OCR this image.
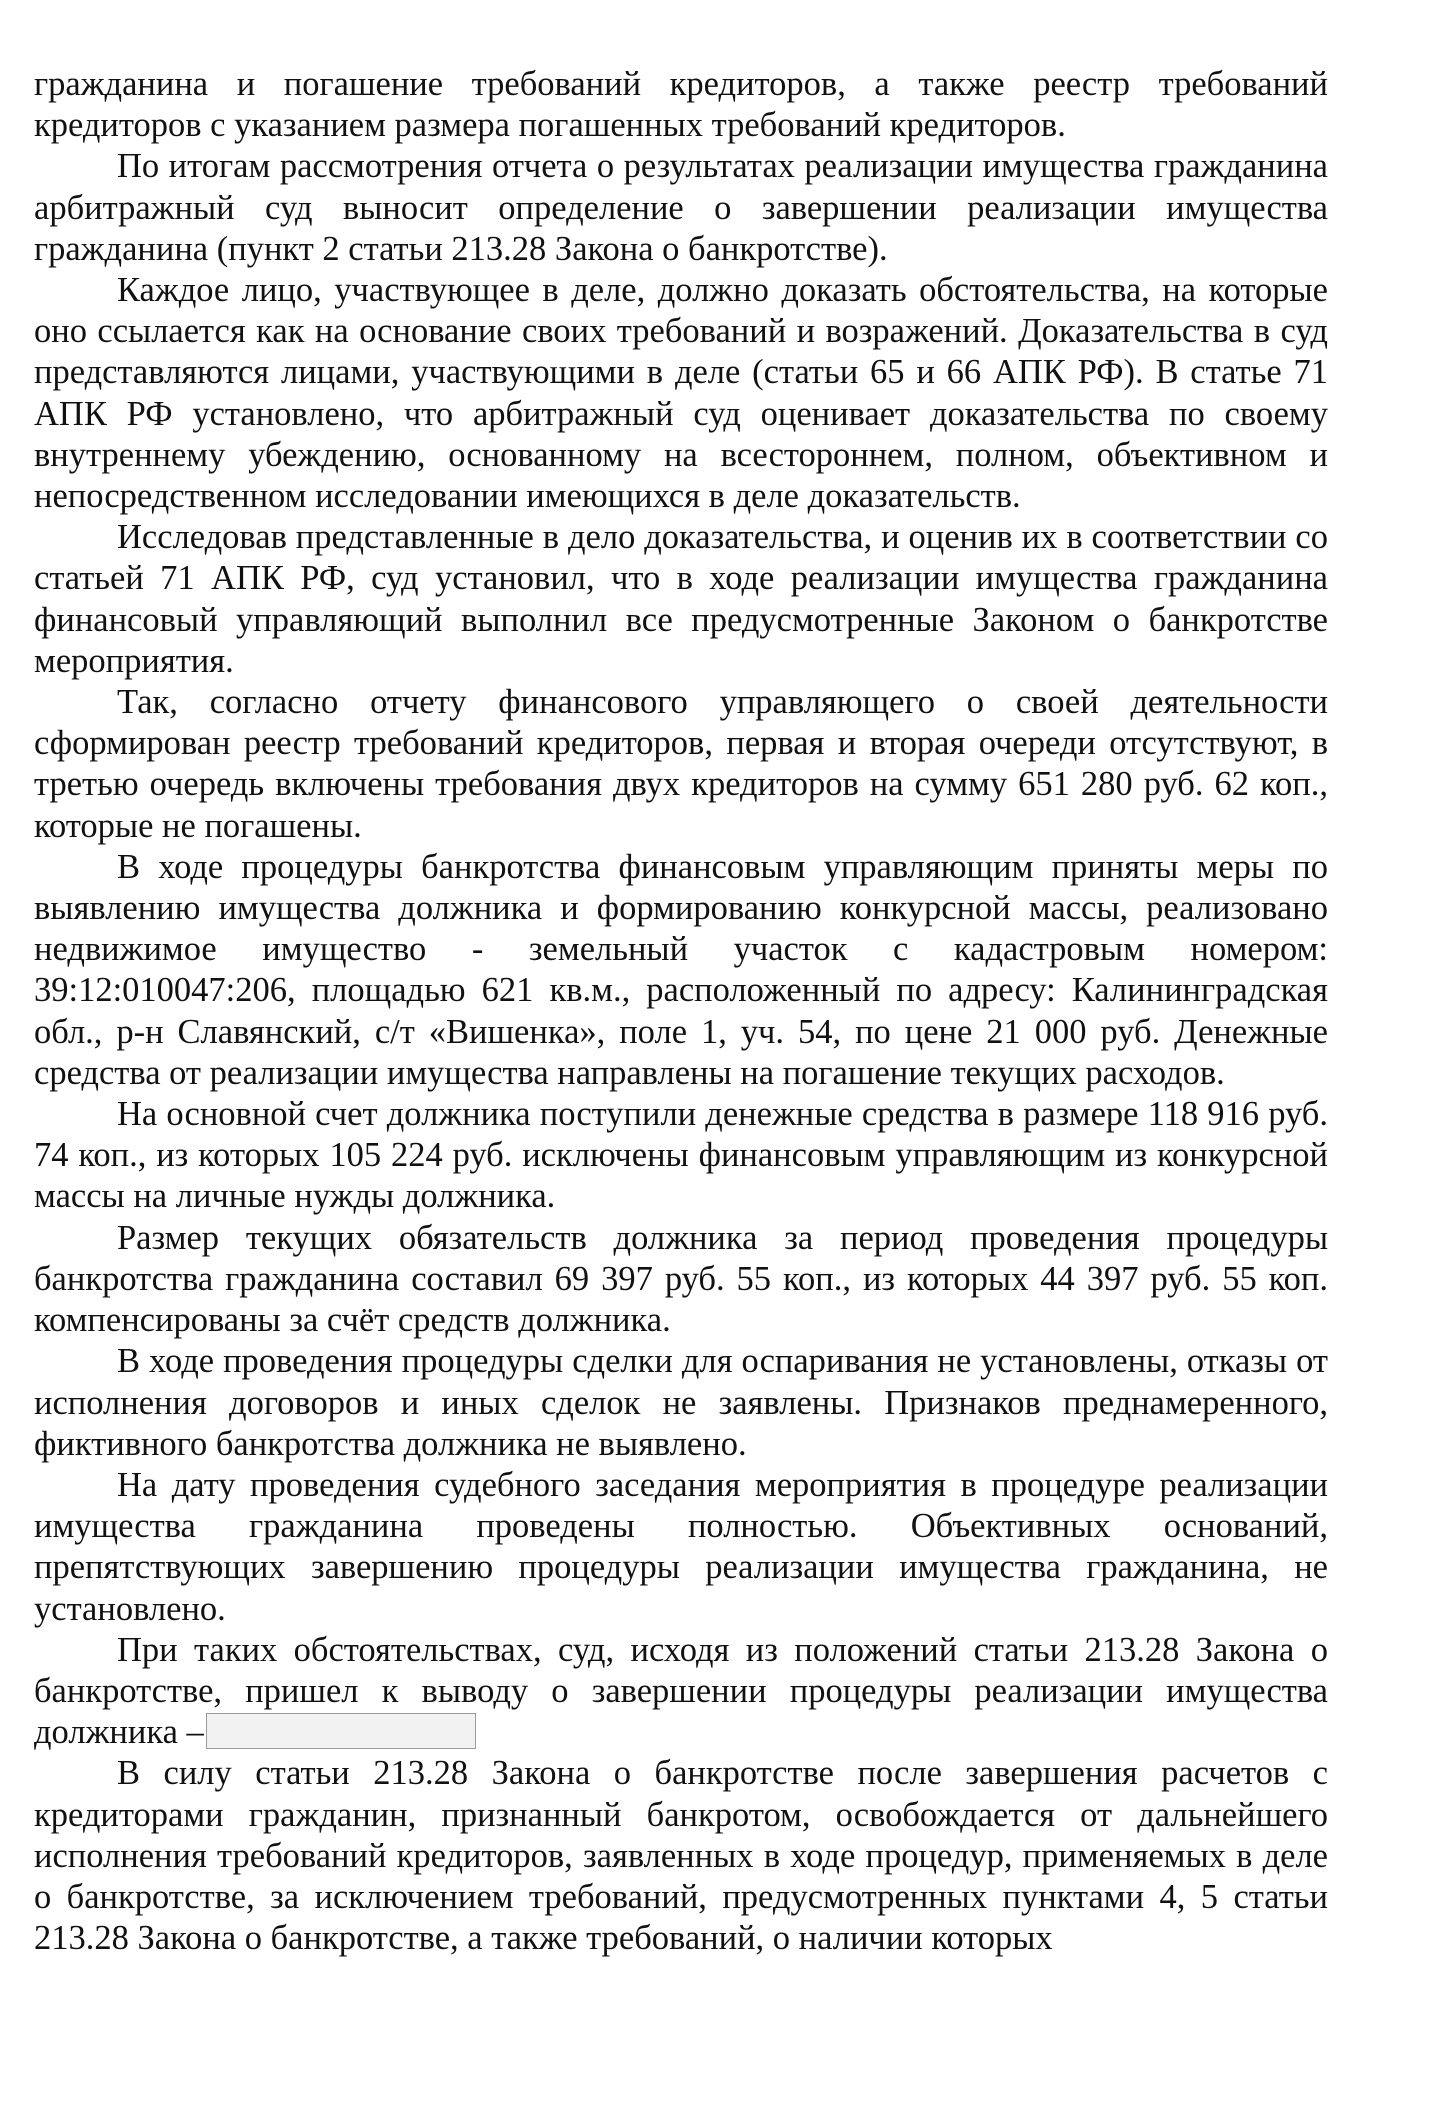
гражданина и погашение требований кредиторов, а также реестр требований кредиторов с указанием размера погашенных требований кредиторов.

По итогам рассмотрения отчета о результатах реализации имущества гражданина арбитражный суд выносит определение о завершении реализации имущества гражданина (пункт 2 статьи 213.28 Закона о банкротстве).

Каждое лицо, участвующее в деле, должно доказать обстоятельства, на которые оно ссылается как на основание своих требований и возражений. Доказательства в суд представляются лицами, участвующими в деле (статьи 65 и 66 АПК РФ). В статье 71 АПК РФ установлено, что арбитражный суд оценивает доказательства по своему внутреннему убеждению, основанному на всестороннем, полном, объективном и непосредственном исследовании имеющихся в деле доказательств.

Исследовав представленные в дело доказательства, и оценив их в соответствии со статьей 71 АПК РФ, суд установил, что в ходе реализации имущества гражданина финансовый управляющий выполнил все предусмотренные Законом о банкротстве мероприятия.

Так, согласно отчету финансового управляющего о своей деятельности сформирован реестр требований кредиторов, первая и вторая очереди отсутствуют, в третью очередь включены требования двух кредиторов на сумму 651 280 руб. 62 коп., которые не погашены.

В ходе процедуры банкротства финансовым управляющим приняты меры по выявлению имущества должника и формированию конкурсной массы, реализовано недвижимое имущество - земельный участок с кадастровым номером: 39:12:010047:206, площадью 621 кв.м., расположенный по адресу: Калининградская обл., р-н Славянский, с/т «Вишенка», поле 1, уч. 54, по цене 21 000 руб. Денежные средства от реализации имущества направлены на погашение текущих расходов.

На основной счет должника поступили денежные средства в размере 118 916 руб. 74 коп., из которых 105 224 руб. исключены финансовым управляющим из конкурсной массы на личные нужды должника.

Размер текущих обязательств должника за период проведения процедуры банкротства гражданина составил 69 397 руб. 55 коп., из которых 44 397 руб. 55 коп. компенсированы за счёт средств должника.

В ходе проведения процедуры сделки для оспаривания не установлены, отказы от исполнения договоров и иных сделок не заявлены. Признаков преднамеренного, фиктивного банкротства должника не выявлено.

На дату проведения судебного заседания мероприятия в процедуре реализации имущества гражданина проведены полностью. Объективных оснований, препятствующих завершению процедуры реализации имущества гражданина, не установлено.

При таких обстоятельствах, суд, исходя из положений статьи 213.28 Закона о банкротстве, пришел к выводу о завершении процедуры реализации имущества должника –

В силу статьи 213.28 Закона о банкротстве после завершения расчетов с кредиторами гражданин, признанный банкротом, освобождается от дальнейшего исполнения требований кредиторов, заявленных в ходе процедур, применяемых в деле о банкротстве, за исключением требований, предусмотренных пунктами 4, 5 статьи 213.28 Закона о банкротстве, а также требований, о наличии которых
